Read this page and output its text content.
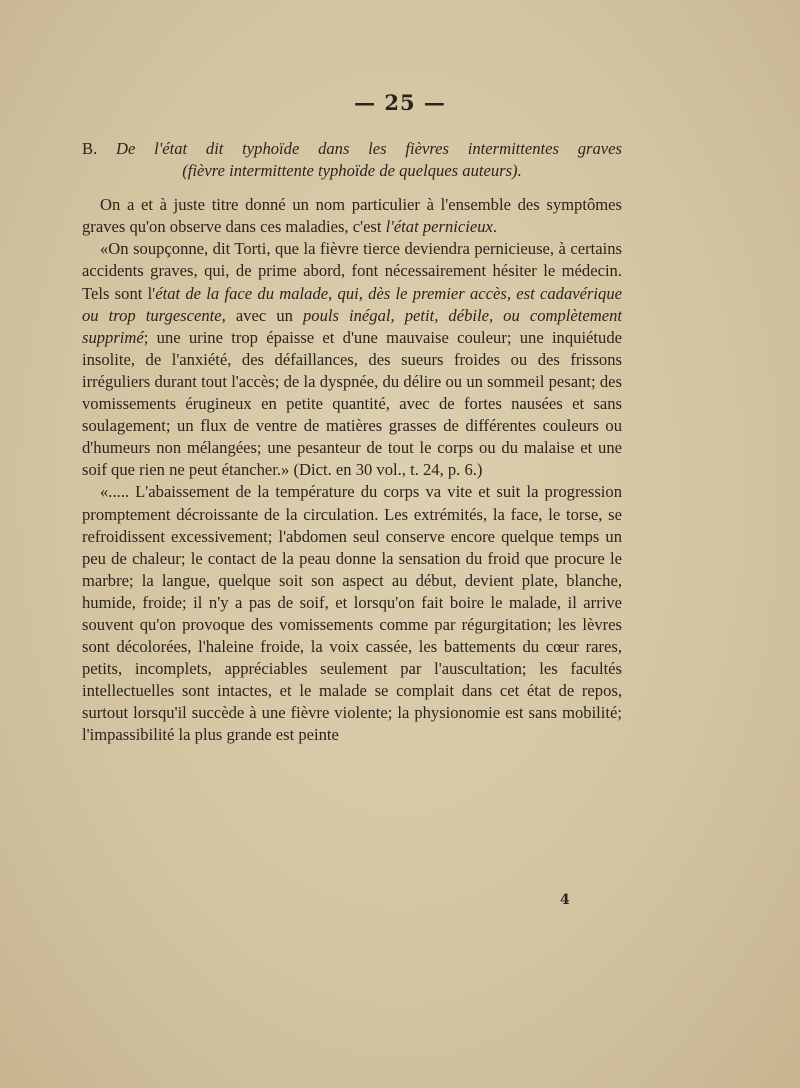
— 25 —

B. De l'état dit typhoïde dans les fièvres intermittentes graves
(fièvre intermittente typhoïde de quelques auteurs).

On a et à juste titre donné un nom particulier à l'ensemble des symptômes graves qu'on observe dans ces maladies, c'est l'état pernicieux.

«On soupçonne, dit Torti, que la fièvre tierce deviendra pernicieuse, à certains accidents graves, qui, de prime abord, font nécessairement hésiter le médecin. Tels sont l'état de la face du malade, qui, dès le premier accès, est cadavérique ou trop turgescente, avec un pouls inégal, petit, débile, ou complètement supprimé; une urine trop épaisse et d'une mauvaise couleur; une inquiétude insolite, de l'anxiété, des défaillances, des sueurs froides ou des frissons irréguliers durant tout l'accès; de la dyspnée, du délire ou un sommeil pesant; des vomissements érugineux en petite quantité, avec de fortes nausées et sans soulagement; un flux de ventre de matières grasses de différentes couleurs ou d'humeurs non mélangées; une pesanteur de tout le corps ou du malaise et une soif que rien ne peut étancher.» (Dict. en 30 vol., t. 24, p. 6.)

«..... L'abaissement de la température du corps va vite et suit la progression promptement décroissante de la circulation. Les extrémités, la face, le torse, se refroidissent excessivement; l'abdomen seul conserve encore quelque temps un peu de chaleur; le contact de la peau donne la sensation du froid que procure le marbre; la langue, quelque soit son aspect au début, devient plate, blanche, humide, froide; il n'y a pas de soif, et lorsqu'on fait boire le malade, il arrive souvent qu'on provoque des vomissements comme par régurgitation; les lèvres sont décolorées, l'haleine froide, la voix cassée, les battements du cœur rares, petits, incomplets, appréciables seulement par l'auscultation; les facultés intellectuelles sont intactes, et le malade se complait dans cet état de repos, surtout lorsqu'il succède à une fièvre violente; la physionomie est sans mobilité; l'impassibilité la plus grande est peinte

4
